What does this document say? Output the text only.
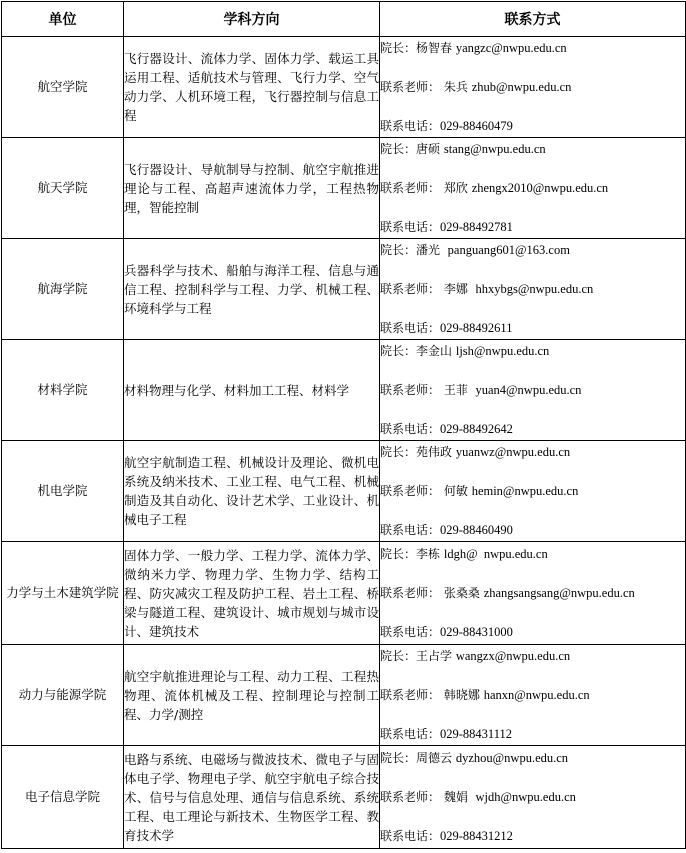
单位	学科方向	联系方式
航空学院	飞行器设计、流体力学、固体力学、载运工具运用工程、适航技术与管理、飞行力学、空气动力学、人机环境工程，飞行器控制与信息工程	院长：杨智春 yangzc@nwpu.edu.cn
联系老师： 朱兵 zhub@nwpu.edu.cn
联系电话：029-88460479

航天学院	飞行器设计、导航制导与控制、航空宇航推进理论与工程、高超声速流体力学，工程热物理，智能控制	院长：唐硕 stang@nwpu.edu.cn
联系老师： 郑欣 zhengx2010@nwpu.edu.cn
联系电话：029-88492781

航海学院	兵器科学与技术、船舶与海洋工程、信息与通信工程、控制科学与工程、力学、机械工程、环境科学与工程	院长：潘光 panguang601@163.com
联系老师： 李娜 hhxybgs@nwpu.edu.cn
联系电话：029-88492611

材料学院	材料物理与化学、材料加工工程、材料学	院长：李金山 ljsh@nwpu.edu.cn
联系老师： 王菲 yuan4@nwpu.edu.cn
联系电话：029-88492642

机电学院	航空宇航制造工程、机械设计及理论、微机电系统及纳米技术、工业工程、电气工程、机械制造及其自动化、设计艺术学、工业设计、机械电子工程	院长：苑伟政 yuanwz@nwpu.edu.cn
联系老师： 何敏 hemin@nwpu.edu.cn
联系电话：029-88460490

力学与土木建筑学院	固体力学、一般力学、工程力学、流体力学、微纳米力学、物理力学、生物力学、结构工程、防灾减灾工程及防护工程、岩土工程、桥梁与隧道工程、建筑设计、城市规划与城市设计、建筑技术	院长：李栋 ldgh@  nwpu.edu.cn
联系老师： 张桑桑 zhangsangsang@nwpu.edu.cn
联系电话：029-88431000

动力与能源学院	航空宇航推进理论与工程、动力工程、工程热物理、流体机械及工程、控制理论与控制工程、力学/测控	院长：王占学 wangzx@nwpu.edu.cn
联系老师： 韩晓娜 hanxn@nwpu.edu.cn
联系电话：029-88431112

电子信息学院	电路与系统、电磁场与微波技术、微电子与固体电子学、物理电子学、航空宇航电子综合技术、信号与信息处理、通信与信息系统、系统工程、电工理论与新技术、生物医学工程、教育技术学	院长：周德云 dyzhou@nwpu.edu.cn
联系老师： 魏娟 wjdh@nwpu.edu.cn
联系电话：029-88431212
